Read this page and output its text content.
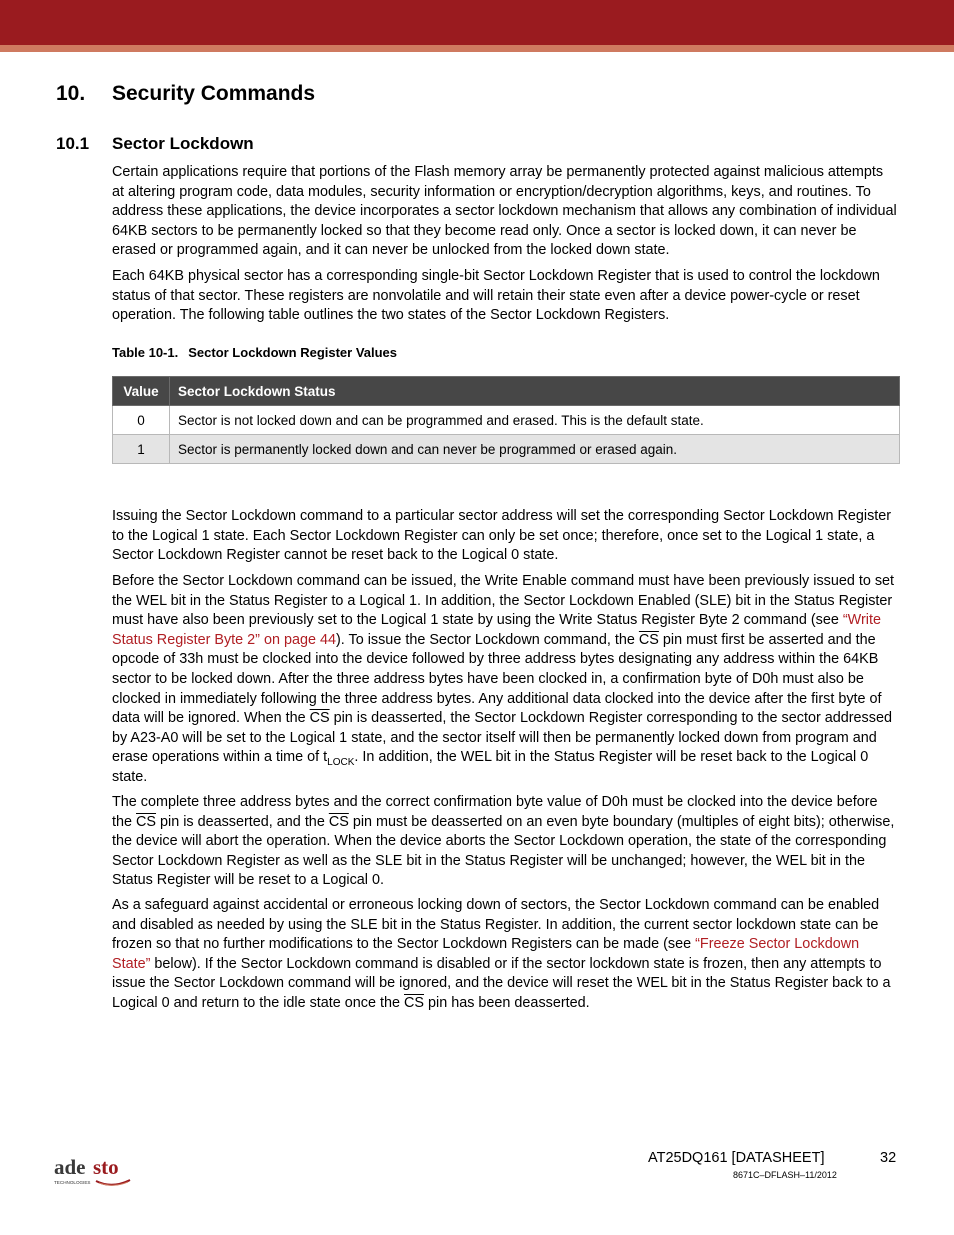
10.	Security Commands
10.1	Sector Lockdown

Certain applications require that portions of the Flash memory array be permanently protected against malicious attempts at altering program code, data modules, security information or encryption/decryption algorithms, keys, and routines. To address these applications, the device incorporates a sector lockdown mechanism that allows any combination of individual 64KB sectors to be permanently locked so that they become read only. Once a sector is locked down, it can never be erased or programmed again, and it can never be unlocked from the locked down state.

Each 64KB physical sector has a corresponding single-bit Sector Lockdown Register that is used to control the lockdown status of that sector. These registers are nonvolatile and will retain their state even after a device power-cycle or reset operation. The following table outlines the two states of the Sector Lockdown Registers.

Table 10-1. Sector Lockdown Register Values
Value	Sector Lockdown Status
0	Sector is not locked down and can be programmed and erased. This is the default state.
1	Sector is permanently locked down and can never be programmed or erased again.

Issuing the Sector Lockdown command to a particular sector address will set the corresponding Sector Lockdown Register to the Logical 1 state. Each Sector Lockdown Register can only be set once; therefore, once set to the Logical 1 state, a Sector Lockdown Register cannot be reset back to the Logical 0 state.

Before the Sector Lockdown command can be issued, the Write Enable command must have been previously issued to set the WEL bit in the Status Register to a Logical 1. In addition, the Sector Lockdown Enabled (SLE) bit in the Status Register must have also been previously set to the Logical 1 state by using the Write Status Register Byte 2 command (see “Write Status Register Byte 2” on page 44). To issue the Sector Lockdown command, the $\overline{CS}$ pin must first be asserted and the opcode of 33h must be clocked into the device followed by three address bytes designating any address within the 64KB sector to be locked down. After the three address bytes have been clocked in, a confirmation byte of D0h must also be clocked in immediately following the three address bytes. Any additional data clocked into the device after the first byte of data will be ignored. When the $\overline{CS}$ pin is deasserted, the Sector Lockdown Register corresponding to the sector addressed by A23-A0 will be set to the Logical 1 state, and the sector itself will then be permanently locked down from program and erase operations within a time of $t_{LOCK}$. In addition, the WEL bit in the Status Register will be reset back to the Logical 0 state.

The complete three address bytes and the correct confirmation byte value of D0h must be clocked into the device before the $\overline{CS}$ pin is deasserted, and the $\overline{CS}$ pin must be deasserted on an even byte boundary (multiples of eight bits); otherwise, the device will abort the operation. When the device aborts the Sector Lockdown operation, the state of the corresponding Sector Lockdown Register as well as the SLE bit in the Status Register will be unchanged; however, the WEL bit in the Status Register will be reset to a Logical 0.

As a safeguard against accidental or erroneous locking down of sectors, the Sector Lockdown command can be enabled and disabled as needed by using the SLE bit in the Status Register. In addition, the current sector lockdown state can be frozen so that no further modifications to the Sector Lockdown Registers can be made (see “Freeze Sector Lockdown State” below). If the Sector Lockdown command is disabled or if the sector lockdown state is frozen, then any attempts to issue the Sector Lockdown command will be ignored, and the device will reset the WEL bit in the Status Register back to a Logical 0 and return to the idle state once the $\overline{CS}$ pin has been deasserted.

ade sto
TECHNOLOGIES
AT25DQ161 [DATASHEET]	32
8671C–DFLASH–11/2012
